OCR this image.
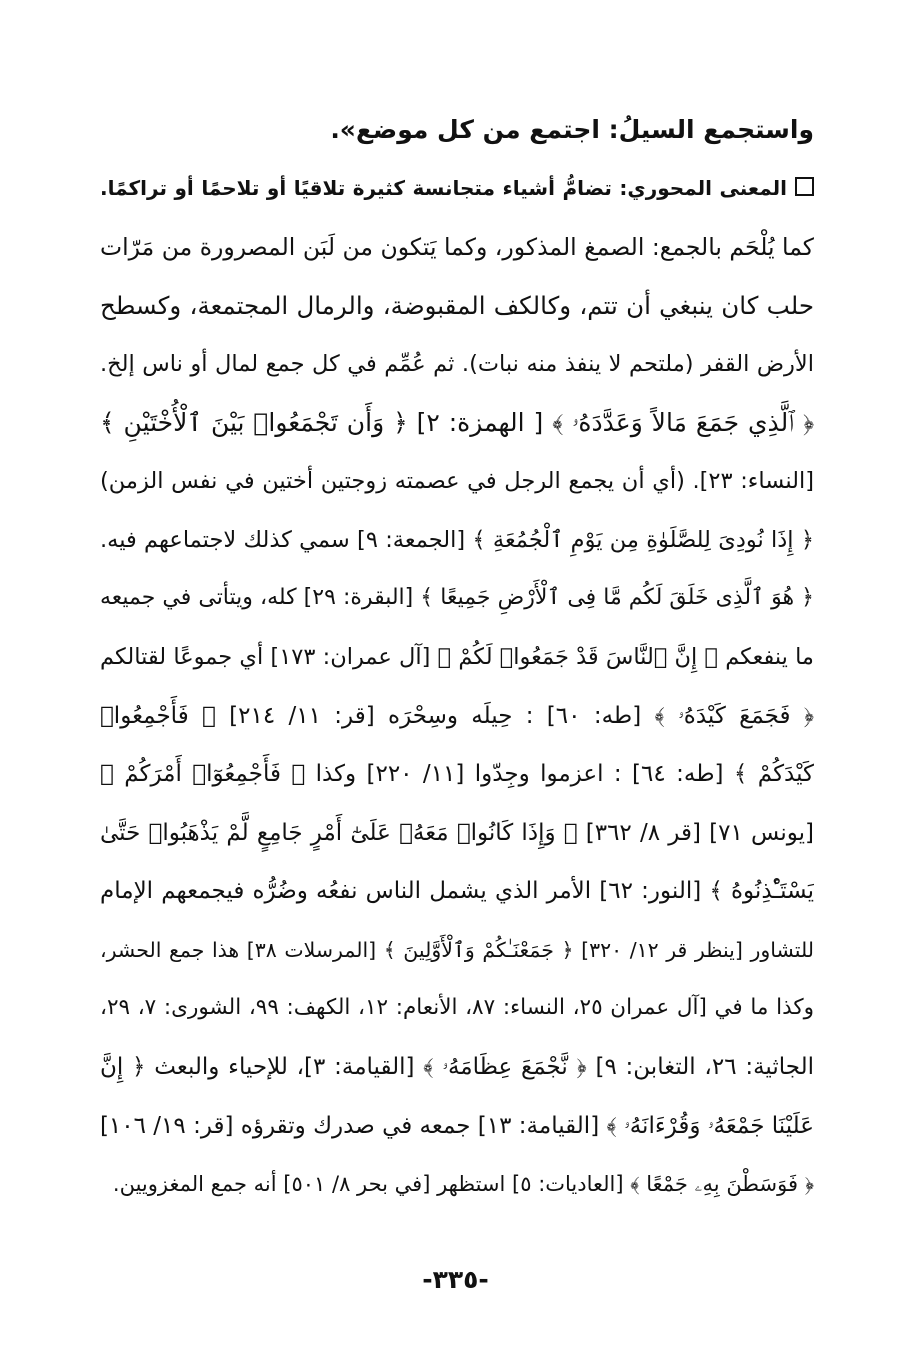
واستجمع السيلُ: اجتمع من كل موضع».
المعنى المحوري: تضامُّ أشياء متجانسة كثيرة تلاقيًا أو تلاحمًا أو تراكمًا.
كما يُلْحَم بالجمع: الصمغ المذكور، وكما يَتكون من لَبَن المصرورة من مَرّات
حلب كان ينبغي أن تتم، وكالكف المقبوضة، والرمال المجتمعة، وكسطح
الأرض القفر (ملتحم لا ينفذ منه نبات). ثم عُمِّم في كل جمع لمال أو ناس إلخ.
﴿ ٱلَّذِي جَمَعَ مَالاً وَعَدَّدَهُۥ ﴾ [ الهمزة: ٢] ﴿ وَأَن تَجْمَعُوا۟ بَيْنَ ٱلْأُخْتَيْنِ ﴾
[النساء: ٢٣]. (أي أن يجمع الرجل في عصمته زوجتين أختين في نفس الزمن)
﴿ إِذَا نُودِىَ لِلصَّلَوٰةِ مِن يَوْمِ ٱلْجُمُعَةِ ﴾ [الجمعة: ٩] سمي كذلك لاجتماعهم فيه.
﴿ هُوَ ٱلَّذِى خَلَقَ لَكُم مَّا فِى ٱلْأَرْضِ جَمِيعًا ﴾ [البقرة: ٢٩] كله، ويتأتى في جميعه
ما ينفعكم ﴿ إِنَّ ٱلنَّاسَ قَدْ جَمَعُوا۟ لَكُمْ ﴾ [آل عمران: ١٧٣] أي جموعًا لقتالكم
﴿ فَجَمَعَ كَيْدَهُۥ ﴾ [طه: ٦٠] : حِيلَه وسِحْرَه [قر: ١١/ ٢١٤] ﴿ فَأَجْمِعُوا۟
كَيْدَكُمْ ﴾ [طه: ٦٤] : اعزموا وجِدّوا [١١/ ٢٢٠] وكذا ﴿ فَأَجْمِعُوٓا۟ أَمْرَكُمْ ﴾
[يونس ٧١] [قر ٨/ ٣٦٢] ﴿ وَإِذَا كَانُوا۟ مَعَهُۥ عَلَىٰٓ أَمْرٍ جَامِعٍ لَّمْ يَذْهَبُوا۟ حَتَّىٰ
يَسْتَـْٔذِنُوهُ ﴾ [النور: ٦٢] الأمر الذي يشمل الناس نفعُه وضُرُّه فيجمعهم الإمام
للتشاور [ينظر قر ١٢/ ٣٢٠] ﴿ جَمَعْنَـٰكُمْ وَٱلْأَوَّلِينَ ﴾ [المرسلات ٣٨] هذا جمع الحشر،
وكذا ما في [آل عمران ٢٥، النساء: ٨٧، الأنعام: ١٢، الكهف: ٩٩، الشورى: ٧، ٢٩،
الجاثية: ٢٦، التغابن: ٩] ﴿ نَّجْمَعَ عِظَامَهُۥ ﴾ [القيامة: ٣]، للإحياء والبعث ﴿ إِنَّ
عَلَيْنَا جَمْعَهُۥ وَقُرْءَانَهُۥ ﴾ [القيامة: ١٣] جمعه في صدرك وتقرؤه [قر: ١٩/ ١٠٦]
﴿ فَوَسَطْنَ بِهِۦ جَمْعًا ﴾ [العاديات: ٥] استظهر [في بحر ٨/ ٥٠١] أنه جمع المغزويين.
-٣٣٥-
